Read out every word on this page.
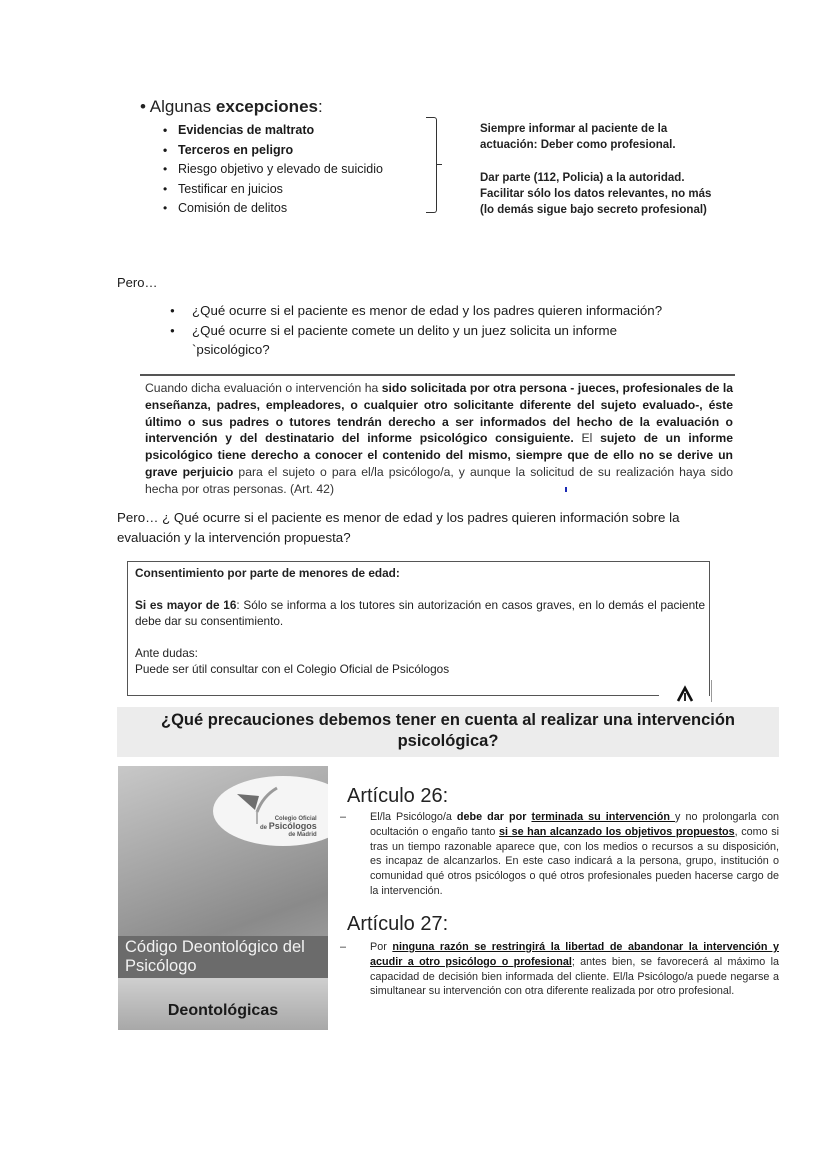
• Algunas excepciones:
• Evidencias de maltrato
• Terceros en peligro
• Riesgo objetivo y elevado de suicidio
• Testificar en juicios
• Comisión de delitos
Siempre informar al paciente de la actuación: Deber como profesional.
Dar parte (112, Policia) a la autoridad. Facilitar sólo los datos relevantes, no más (lo demás sigue bajo secreto profesional)
Pero…
● ¿Qué ocurre si el paciente es menor de edad y los padres quieren información?
● ¿Qué ocurre si el paciente comete un delito y un juez solicita un informe `psicológico?
Cuando dicha evaluación o intervención ha sido solicitada por otra persona - jueces, profesionales de la enseñanza, padres, empleadores, o cualquier otro solicitante diferente del sujeto evaluado-, éste último o sus padres o tutores tendrán derecho a ser informados del hecho de la evaluación o intervención y del destinatario del informe psicológico consiguiente. El sujeto de un informe psicológico tiene derecho a conocer el contenido del mismo, siempre que de ello no se derive un grave perjuicio para el sujeto o para el/la psicólogo/a, y aunque la solicitud de su realización haya sido hecha por otras personas. (Art. 42)
Pero… ¿ Qué ocurre si el paciente es menor de edad y los padres quieren información sobre la evaluación y la intervención propuesta?

Consentimiento por parte de menores de edad:

Si es mayor de 16: Sólo se informa a los tutores sin autorización en casos graves, en lo demás el paciente debe dar su consentimiento.

Ante dudas:

Puede ser útil consultar con el Colegio Oficial de Psicólogos

¿Qué precauciones debemos tener en cuenta al realizar una intervención psicológica?
Colegio Oficial
de Psicólogos
de Madrid
Código Deontológico del Psicólogo
Deontológicas
Artículo 26:
– El/la Psicólogo/a debe dar por terminada su intervención y no prolongarla con ocultación o engaño tanto si se han alcanzado los objetivos propuestos, como si tras un tiempo razonable aparece que, con los medios o recursos a su disposición, es incapaz de alcanzarlos. En este caso indicará a la persona, grupo, institución o comunidad qué otros psicólogos o qué otros profesionales pueden hacerse cargo de la intervención.
Artículo 27:
– Por ninguna razón se restringirá la libertad de abandonar la intervención y acudir a otro psicólogo o profesional; antes bien, se favorecerá al máximo la capacidad de decisión bien informada del cliente. El/la Psicólogo/a puede negarse a simultanear su intervención con otra diferente realizada por otro profesional.
